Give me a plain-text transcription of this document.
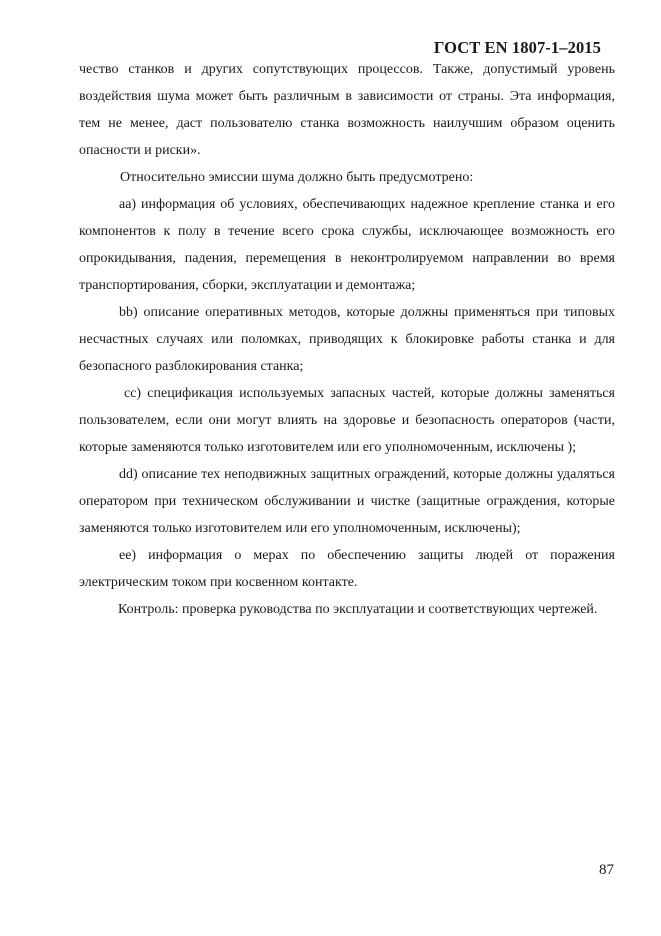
ГОСТ EN 1807-1–2015

чество станков и других сопутствующих процессов. Также, допустимый уровень воздействия шума может быть различным в зависимости от страны. Эта информация, тем не менее, даст пользователю станка возможность наилучшим образом оценить опасности и риски».

Относительно эмиссии шума должно быть предусмотрено:

аа) информация об условиях, обеспечивающих надежное крепление станка и его компонентов к полу в течение всего срока службы, исключающее возможность его опрокидывания, падения, перемещения в неконтролируемом направлении во время транспортирования, сборки, эксплуатации и демонтажа;

bb) описание оперативных методов, которые должны применяться при типовых несчастных случаях или поломках, приводящих к блокировке работы станка и для безопасного разблокирования станка;

cc) спецификация используемых запасных частей, которые должны заменяться пользователем, если они могут влиять на здоровье и безопасность операторов (части, которые заменяются только изготовителем или его уполномоченным, исключены );

dd) описание тех неподвижных защитных ограждений, которые должны удаляться оператором при техническом обслуживании и чистке (защитные ограждения, которые заменяются только изготовителем или его уполномоченным, исключены);

ее) информация о мерах по обеспечению защиты людей от поражения электрическим током при косвенном контакте.

Контроль: проверка руководства по эксплуатации и соответствующих чертежей.

87
